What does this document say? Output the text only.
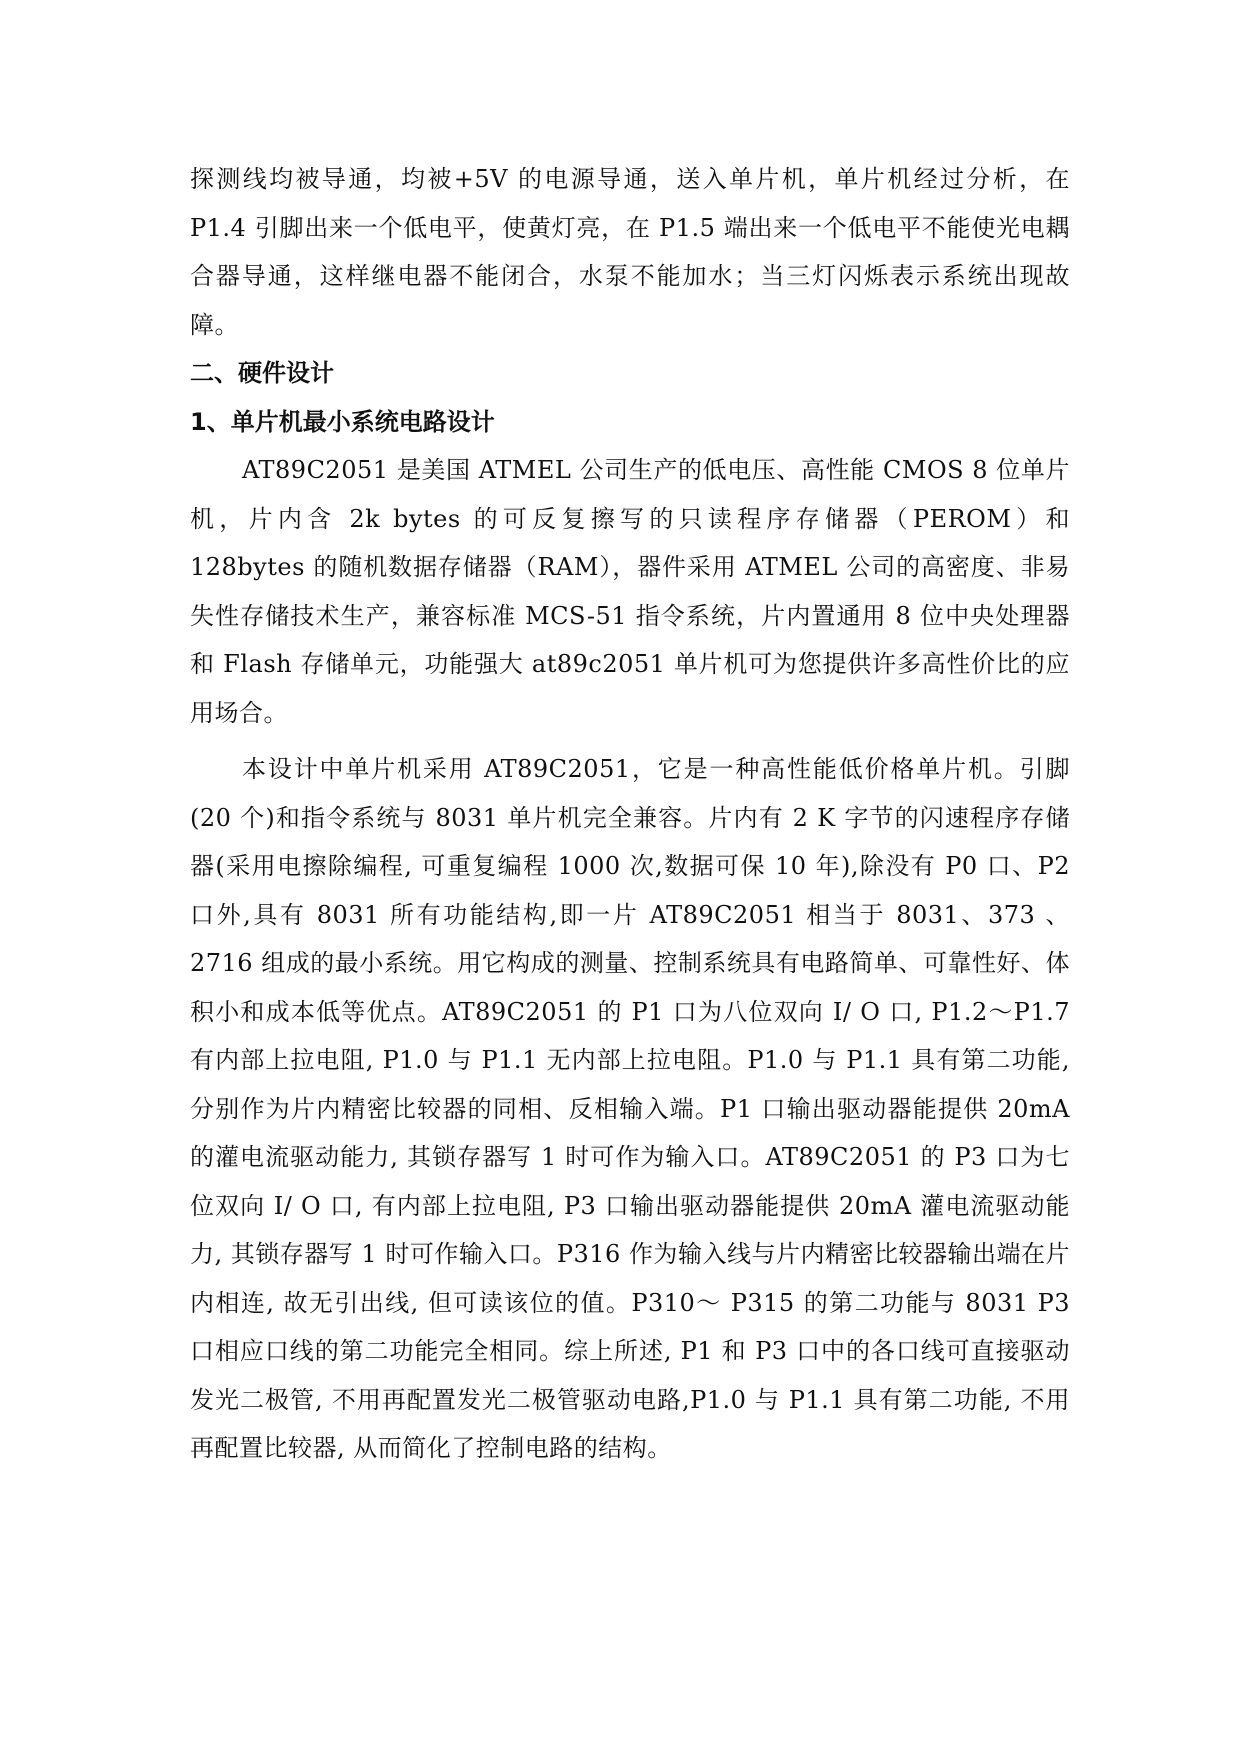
探测线均被导通，均被+5V 的电源导通，送入单片机，单片机经过分析，在 P1.4 引脚出来一个低电平，使黄灯亮，在 P1.5 端出来一个低电平不能使光电耦合器导通，这样继电器不能闭合，水泵不能加水；当三灯闪烁表示系统出现故障。

二、硬件设计
1、单片机最小系统电路设计

AT89C2051 是美国 ATMEL 公司生产的低电压、高性能 CMOS 8 位单片机，片内含 2k bytes 的可反复擦写的只读程序存储器（PEROM）和 128bytes 的随机数据存储器（RAM），器件采用 ATMEL 公司的高密度、非易失性存储技术生产，兼容标准 MCS-51 指令系统，片内置通用 8 位中央处理器和 Flash 存储单元，功能强大 at89c2051 单片机可为您提供许多高性价比的应用场合。

本设计中单片机采用 AT89C2051，它是一种高性能低价格单片机。引脚(20 个)和指令系统与 8031 单片机完全兼容。片内有 2 K 字节的闪速程序存储器(采用电擦除编程, 可重复编程 1000 次,数据可保 10 年),除没有 P0 口、P2 口外,具有 8031 所有功能结构,即一片 AT89C2051 相当于 8031、373 、2716 组成的最小系统。用它构成的测量、控制系统具有电路简单、可靠性好、体积小和成本低等优点。AT89C2051 的 P1 口为八位双向 I/ O 口, P1.2～P1.7 有内部上拉电阻, P1.0 与 P1.1 无内部上拉电阻。P1.0 与 P1.1 具有第二功能, 分别作为片内精密比较器的同相、反相输入端。P1 口输出驱动器能提供 20mA 的灌电流驱动能力, 其锁存器写 1 时可作为输入口。AT89C2051 的 P3 口为七位双向 I/ O 口, 有内部上拉电阻, P3 口输出驱动器能提供 20mA 灌电流驱动能力, 其锁存器写 1 时可作输入口。P316 作为输入线与片内精密比较器输出端在片内相连, 故无引出线, 但可读该位的值。P310～ P315 的第二功能与 8031 P3 口相应口线的第二功能完全相同。综上所述, P1 和 P3 口中的各口线可直接驱动发光二极管, 不用再配置发光二极管驱动电路,P1.0 与 P1.1 具有第二功能, 不用再配置比较器, 从而简化了控制电路的结构。
